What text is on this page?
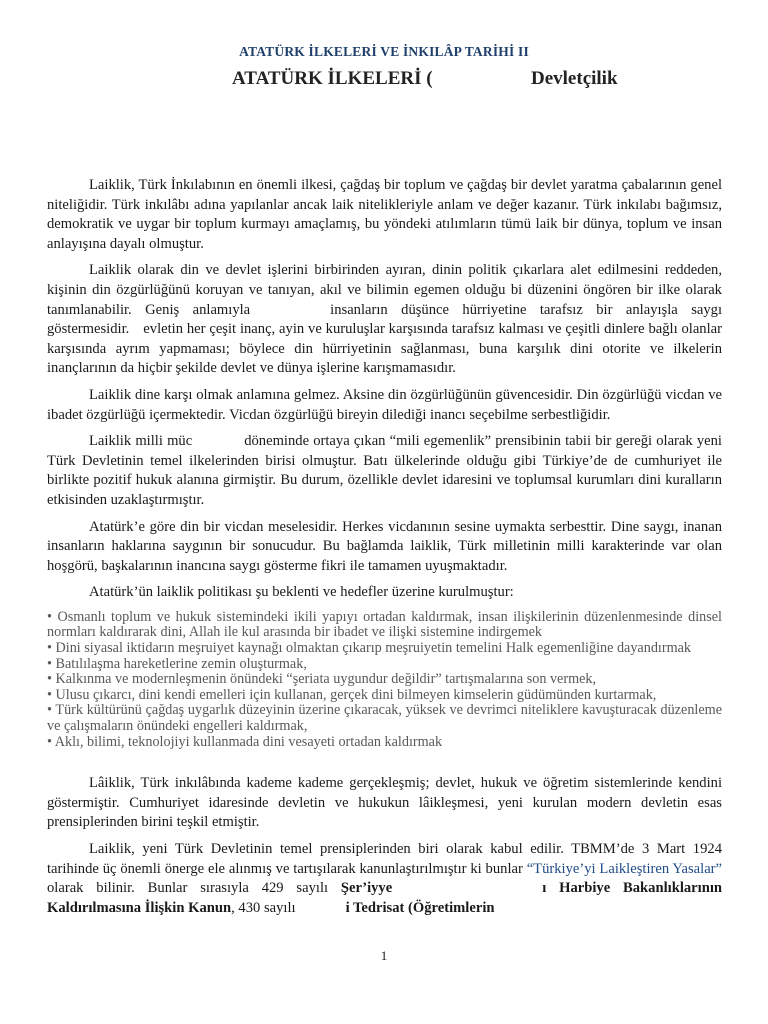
ATATÜRK İLKELERİ VE İNKILÂP TARİHİ II
ATATÜRK İLKELERİ (	Devletçilik

Laiklik, Türk İnkılabının en önemli ilkesi, çağdaş bir toplum ve çağdaş bir devlet yaratma çabalarının genel niteliğidir. Türk inkılâbı adına yapılanlar ancak laik nitelikleriyle anlam ve değer kazanır. Türk inkılabı bağımsız, demokratik ve uygar bir toplum kurmayı amaçlamış, bu yöndeki atılımların tümü laik bir dünya, toplum ve insan anlayışına dayalı olmuştur.

Laiklik olarak din ve devlet işlerini birbirinden ayıran, dinin politik çıkarlara alet edilmesini reddeden, kişinin din özgürlüğünü koruyan ve tanıyan, akıl ve bilimin egemen olduğu bi düzenini öngören bir ilke olarak tanımlanabilir. Geniş anlamıyla	insanların düşünce hürriyetine tarafsız bir anlayışla saygı göstermesidir. evletin her çeşit inanç, ayin ve kuruluşlar karşısında tarafsız kalması ve çeşitli dinlere bağlı olanlar karşısında ayrım yapmaması; böylece din hürriyetinin sağlanması, buna karşılık dini otorite ve ilkelerin inançlarının da hiçbir şekilde devlet ve dünya işlerine karışmamasıdır.

Laiklik dine karşı olmak anlamına gelmez. Aksine din özgürlüğünün güvencesidir. Din özgürlüğü vicdan ve ibadet özgürlüğü içermektedir. Vicdan özgürlüğü bireyin dilediği inancı seçebilme serbestliğidir.

Laiklik milli müc	döneminde ortaya çıkan “mili egemenlik” prensibinin tabii bir gereği olarak yeni Türk Devletinin temel ilkelerinden birisi olmuştur. Batı ülkelerinde olduğu gibi Türkiye’de de cumhuriyet ile birlikte pozitif hukuk alanına girmiştir. Bu durum, özellikle devlet idaresini ve toplumsal kurumları dini kuralların etkisinden uzaklaştırmıştır.

Atatürk’e göre din bir vicdan meselesidir. Herkes vicdanının sesine uymakta serbesttir. Dine saygı, inanan insanların haklarına saygının bir sonucudur. Bu bağlamda laiklik, Türk milletinin milli karakterinde var olan hoşgörü, başkalarının inancına saygı gösterme fikri ile tamamen uyuşmaktadır.

Atatürk’ün laiklik politikası şu beklenti ve hedefler üzerine kurulmuştur:

• Osmanlı toplum ve hukuk sistemindeki ikili yapıyı ortadan kaldırmak, insan ilişkilerinin düzenlenmesinde dinsel normları kaldırarak dini, Allah ile kul arasında bir ibadet ve ilişki sistemine indirgemek
• Dini siyasal iktidarın meşruiyet kaynağı olmaktan çıkarıp meşruiyetin temelini Halk egemenliğine dayandırmak
• Batılılaşma hareketlerine zemin oluşturmak,
• Kalkınma ve modernleşmenin önündeki “şeriata uygundur değildir” tartışmalarına son vermek,
• Ulusu çıkarcı, dini kendi emelleri için kullanan, gerçek dini bilmeyen kimselerin güdümünden kurtarmak,
• Türk kültürünü çağdaş uygarlık düzeyinin üzerine çıkaracak, yüksek ve devrimci niteliklere kavuşturacak düzenleme ve çalışmaların önündeki engelleri kaldırmak,
• Aklı, bilimi, teknolojiyi kullanmada dini vesayeti ortadan kaldırmak

Lâiklik, Türk inkılâbında kademe kademe gerçekleşmiş; devlet, hukuk ve öğretim sistemlerinde kendini göstermiştir. Cumhuriyet idaresinde devletin ve hukukun lâikleşmesi, yeni kurulan modern devletin esas prensiplerinden birini teşkil etmiştir.

Laiklik, yeni Türk Devletinin temel prensiplerinden biri olarak kabul edilir. TBMM’de 3 Mart 1924 tarihinde üç önemli önerge ele alınmış ve tartışılarak kanunlaştırılmıştır ki bunlar “Türkiye’yi Laikleştiren Yasalar” olarak bilinir. Bunlar sırasıyla 429 sayılı Şer’iyye	ı Harbiye Bakanlıklarının Kaldırılmasına İlişkin Kanun, 430 sayılı	i Tedrisat (Öğretimlerin

1
